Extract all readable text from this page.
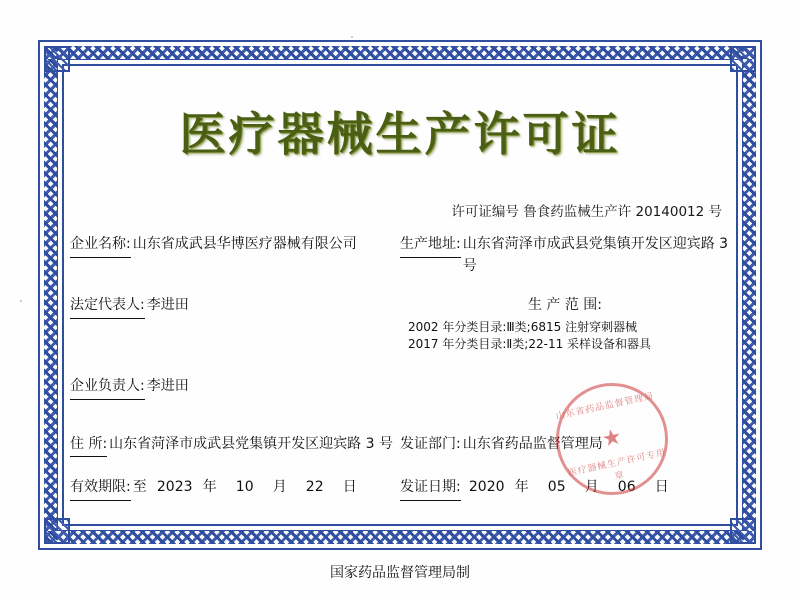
医疗器械生产许可证
许可证编号 鲁食药监械生产许 20140012 号
企业名称: 山东省成武县华博医疗器械有限公司	生产地址: 山东省菏泽市成武县党集镇开发区迎宾路 3 号
法定代表人: 李进田	生 产 范 围:
2002 年分类目录:Ⅲ类;6815 注射穿刺器械
2017 年分类目录:Ⅱ类;22-11 采样设备和器具
企业负责人: 李进田
住 所: 山东省菏泽市成武县党集镇开发区迎宾路 3 号 发证部门: 山东省药品监督管理局
有效期限: 至 2023 年	10	月	22	日	发证日期: 2020 年	05	月	06	日
山东省药品监督管理局
★
医疗器械生产许可专用章
国家药品监督管理局制
